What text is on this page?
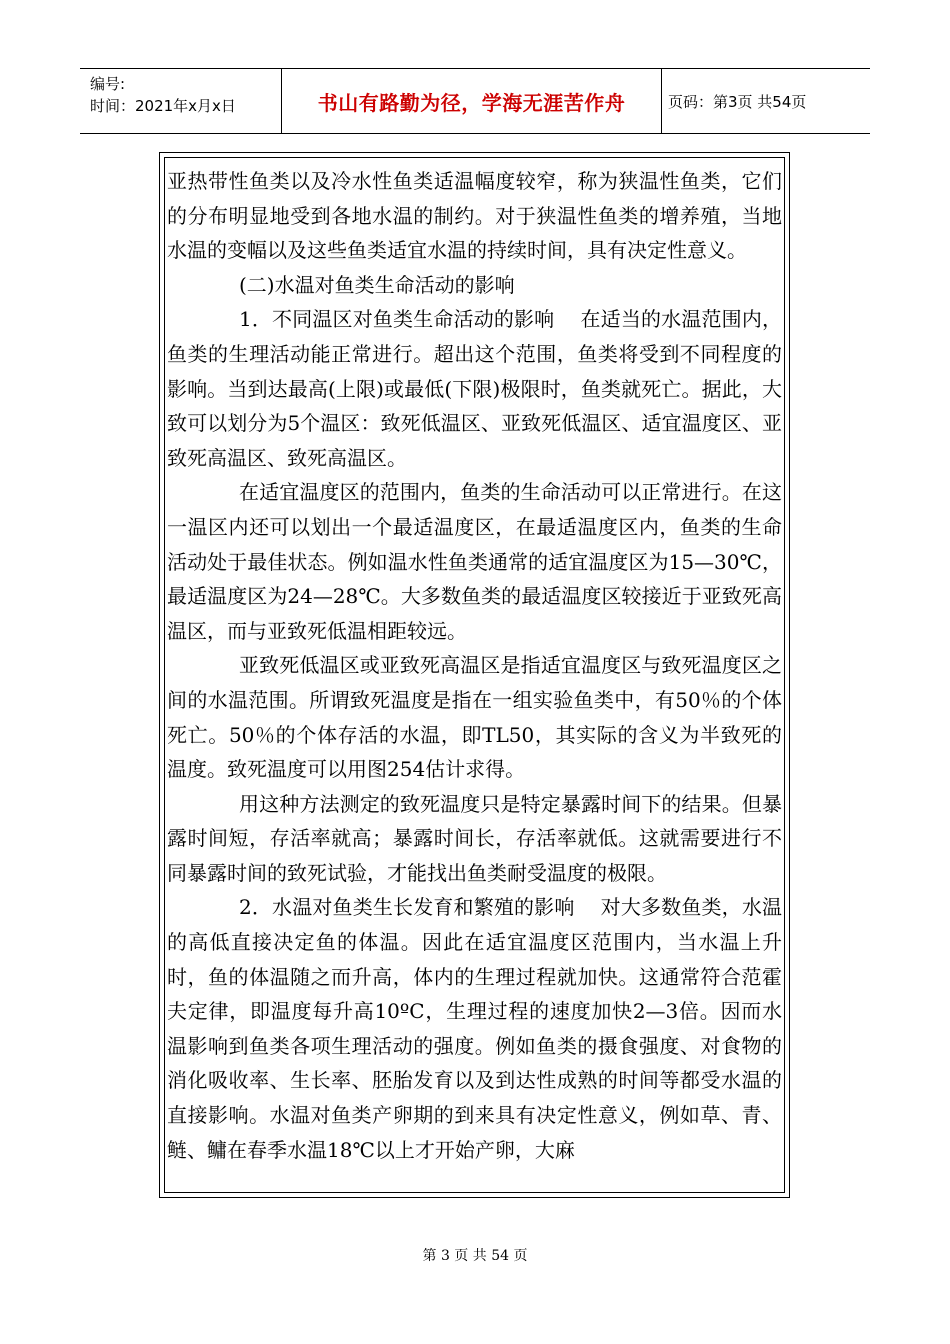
编号:
时间：2021年x月x日	书山有路勤为径，学海无涯苦作舟	页码：第3页 共54页

亚热带性鱼类以及冷水性鱼类适温幅度较窄，称为狭温性鱼类，它们的分布明显地受到各地水温的制约。对于狭温性鱼类的增养殖，当地水温的变幅以及这些鱼类适宜水温的持续时间，具有决定性意义。

(二)水温对鱼类生命活动的影响

1．不同温区对鱼类生命活动的影响 在适当的水温范围内，鱼类的生理活动能正常进行。超出这个范围，鱼类将受到不同程度的影响。当到达最高(上限)或最低(下限)极限时，鱼类就死亡。据此，大致可以划分为5个温区：致死低温区、亚致死低温区、适宜温度区、亚致死高温区、致死高温区。

在适宜温度区的范围内，鱼类的生命活动可以正常进行。在这一温区内还可以划出一个最适温度区，在最适温度区内，鱼类的生命活动处于最佳状态。例如温水性鱼类通常的适宜温度区为15—30℃，最适温度区为24—28℃。大多数鱼类的最适温度区较接近于亚致死高温区，而与亚致死低温相距较远。

亚致死低温区或亚致死高温区是指适宜温度区与致死温度区之间的水温范围。所谓致死温度是指在一组实验鱼类中，有50％的个体死亡。50％的个体存活的水温，即TL50，其实际的含义为半致死的温度。致死温度可以用图254估计求得。

用这种方法测定的致死温度只是特定暴露时间下的结果。但暴露时间短，存活率就高；暴露时间长，存活率就低。这就需要进行不同暴露时间的致死试验，才能找出鱼类耐受温度的极限。

2．水温对鱼类生长发育和繁殖的影响 对大多数鱼类，水温的高低直接决定鱼的体温。因此在适宜温度区范围内，当水温上升时，鱼的体温随之而升高，体内的生理过程就加快。这通常符合范霍夫定律，即温度每升高10ºC，生理过程的速度加快2—3倍。因而水温影响到鱼类各项生理活动的强度。例如鱼类的摄食强度、对食物的消化吸收率、生长率、胚胎发育以及到达性成熟的时间等都受水温的直接影响。水温对鱼类产卵期的到来具有决定性意义，例如草、青、鲢、鳙在春季水温18℃以上才开始产卵，大麻

第 3 页 共 54 页
